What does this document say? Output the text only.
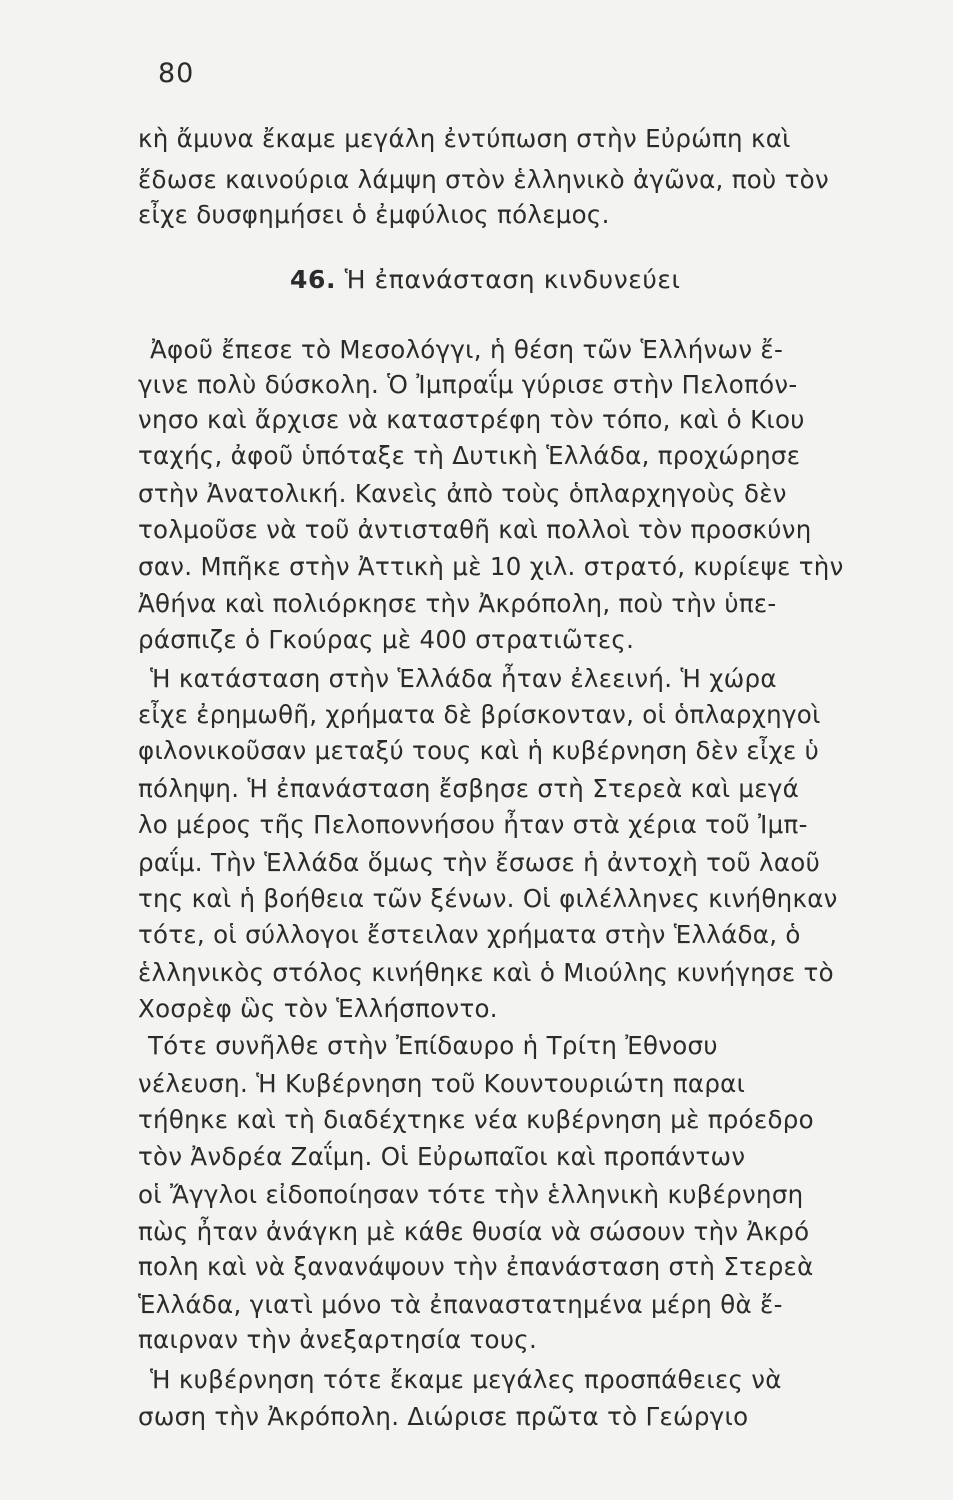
80
κὴ ἄμυνα ἔκαμε μεγάλη ἐντύπωση στὴν Εὐρώπη καὶ
ἔδωσε καινούρια λάμψη στὸν ἑλληνικὸ ἀγῶνα, ποὺ τὸν
εἶχε δυσφημήσει ὁ ἐμφύλιος πόλεμος.
46. Ἡ ἐπανάσταση κινδυνεύει
Ἀφοῦ ἔπεσε τὸ Μεσολόγγι, ἡ θέση τῶν Ἑλλήνων ἔ-
γινε πολὺ δύσκολη. Ὁ Ἰμπραΐμ γύρισε στὴν Πελοπόν-
νησο καὶ ἄρχισε νὰ καταστρέφη τὸν τόπο, καὶ ὁ Κιου
ταχής, ἀφοῦ ὑπόταξε τὴ Δυτικὴ Ἑλλάδα, προχώρησε
στὴν Ἀνατολική. Κανεὶς ἀπὸ τοὺς ὁπλαρχηγοὺς δὲν
τολμοῦσε νὰ τοῦ ἀντισταθῆ καὶ πολλοὶ τὸν προσκύνη
σαν. Μπῆκε στὴν Ἀττικὴ μὲ 10 χιλ. στρατό, κυρίεψε τὴν
Ἀθήνα καὶ πολιόρκησε τὴν Ἀκρόπολη, ποὺ τὴν ὑπε-
ράσπιζε ὁ Γκούρας μὲ 400 στρατιῶτες.
Ἡ κατάσταση στὴν Ἑλλάδα ἦταν ἐλεεινή. Ἡ χώρα
εἶχε ἐρημωθῆ, χρήματα δὲ βρίσκονταν, οἱ ὁπλαρχηγοὶ
φιλονικοῦσαν μεταξύ τους καὶ ἡ κυβέρνηση δὲν εἶχε ὑ
πόληψη. Ἡ ἐπανάσταση ἔσβησε στὴ Στερεὰ καὶ μεγά
λο μέρος τῆς Πελοποννήσου ἦταν στὰ χέρια τοῦ Ἰμπ-
ραΐμ. Τὴν Ἑλλάδα ὅμως τὴν ἔσωσε ἡ ἀντοχὴ τοῦ λαοῦ
της καὶ ἡ βοήθεια τῶν ξένων. Οἱ φιλέλληνες κινήθηκαν
τότε, οἱ σύλλογοι ἔστειλαν χρήματα στὴν Ἑλλάδα, ὁ
ἑλληνικὸς στόλος κινήθηκε καὶ ὁ Μιούλης κυνήγησε τὸ
Χοσρὲφ ὣς τὸν Ἑλλήσποντο.
Τότε συνῆλθε στὴν Ἐπίδαυρο ἡ Τρίτη Ἐθνοσυ
νέλευση. Ἡ Κυβέρνηση τοῦ Κουντουριώτη παραι
τήθηκε καὶ τὴ διαδέχτηκε νέα κυβέρνηση μὲ πρόεδρο
τὸν Ἀνδρέα Ζαΐμη. Οἱ Εὐρωπαῖοι καὶ προπάντων
οἱ Ἄγγλοι εἰδοποίησαν τότε τὴν ἑλληνικὴ κυβέρνηση
πὼς ἦταν ἀνάγκη μὲ κάθε θυσία νὰ σώσουν τὴν Ἀκρό
πολη καὶ νὰ ξανανάψουν τὴν ἐπανάσταση στὴ Στερεὰ
Ἑλλάδα, γιατὶ μόνο τὰ ἐπαναστατημένα μέρη θὰ ἔ-
παιρναν τὴν ἀνεξαρτησία τους.
Ἡ κυβέρνηση τότε ἔκαμε μεγάλες προσπάθειες νὰ
σωση τὴν Ἀκρόπολη. Διώρισε πρῶτα τὸ Γεώργιο
